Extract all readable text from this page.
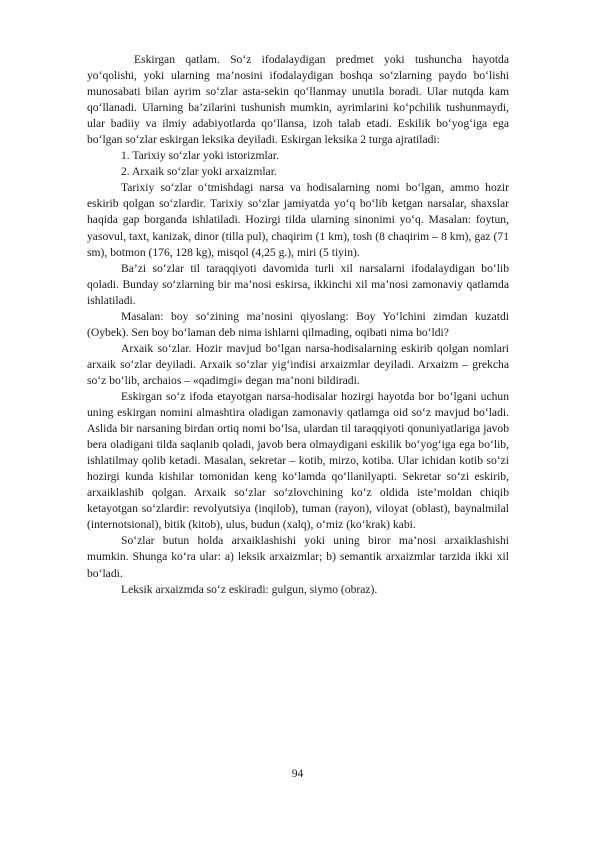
Eskirgan qatlam. So‘z ifodalaydigan predmet yoki tushuncha hayotda yo‘qolishi, yoki ularning ma’nosini ifodalaydigan boshqa so‘zlarning paydo bo‘lishi munosabati bilan ayrim so‘zlar asta-sekin qo‘llanmay unutila boradi. Ular nutqda kam qo‘llanadi. Ularning ba’zilarini tushunish mumkin, ayrimlarini ko‘pchilik tushunmaydi, ular badiiy va ilmiy adabiyotlarda qo‘llansa, izoh talab etadi. Eskilik bo‘yog‘iga ega bo‘lgan so‘zlar eskirgan leksika deyiladi. Eskirgan leksika 2 turga ajratiladi:

1. Tarixiy so‘zlar yoki istorizmlar.

2. Arxaik so‘zlar yoki arxaizmlar.

Tarixiy so‘zlar o‘tmishdagi narsa va hodisalarning nomi bo‘lgan, ammo hozir eskirib qolgan so‘zlardir. Tarixiy so‘zlar jamiyatda yo‘q bo‘lib ketgan narsalar, shaxslar haqida gap borganda ishlatiladi. Hozirgi tilda ularning sinonimi yo‘q. Masalan: foytun, yasovul, taxt, kanizak, dinor (tilla pul), chaqirim (1 km), tosh (8 chaqirim – 8 km), gaz (71 sm), botmon (176, 128 kg), misqol (4,25 g.), miri (5 tiyin).

Ba’zi so‘zlar til taraqqiyoti davomida turli xil narsalarni ifodalaydigan bo‘lib qoladi. Bunday so‘zlarning bir ma’nosi eskirsa, ikkinchi xil ma’nosi zamonaviy qatlamda ishlatiladi.

Masalan: boy so‘zining ma’nosini qiyoslang: Boy Yo‘lchini zimdan kuzatdi (Oybek). Sen boy bo‘laman deb nima ishlarni qilmading, oqibati nima bo‘ldi?

Arxaik so‘zlar. Hozir mavjud bo‘lgan narsa-hodisalarning eskirib qolgan nomlari arxaik so‘zlar deyiladi. Arxaik so‘zlar yig‘indisi arxaizmlar deyiladi. Arxaizm – grekcha so‘z bo‘lib, archaios – «qadimgi» degan ma’noni bildiradi.

Eskirgan so‘z ifoda etayotgan narsa-hodisalar hozirgi hayotda bor bo‘lgani uchun uning eskirgan nomini almashtira oladigan zamonaviy qatlamga oid so‘z mavjud bo‘ladi. Aslida bir narsaning birdan ortiq nomi bo‘lsa, ulardan til taraqqiyoti qonuniyatlariga javob bera oladigani tilda saqlanib qoladi, javob bera olmaydigani eskilik bo‘yog‘iga ega bo‘lib, ishlatilmay qolib ketadi. Masalan, sekretar – kotib, mirzo, kotiba. Ular ichidan kotib so‘zi hozirgi kunda kishilar tomonidan keng ko‘lamda qo‘llanilyapti. Sekretar so‘zi eskirib, arxaiklashib qolgan. Arxaik so‘zlar so‘zlovchining ko‘z oldida iste’moldan chiqib ketayotgan so‘zlardir: revolyutsiya (inqilob), tuman (rayon), viloyat (oblast), baynalmilal (internotsional), bitik (kitob), ulus, budun (xalq), o‘miz (ko‘krak) kabi.

So‘zlar butun holda arxaiklashishi yoki uning biror ma’nosi arxaiklashishi mumkin. Shunga ko‘ra ular: a) leksik arxaizmlar; b) semantik arxaizmlar tarzida ikki xil bo‘ladi.

Leksik arxaizmda so‘z eskiradi: gulgun, siymo (obraz).

94
